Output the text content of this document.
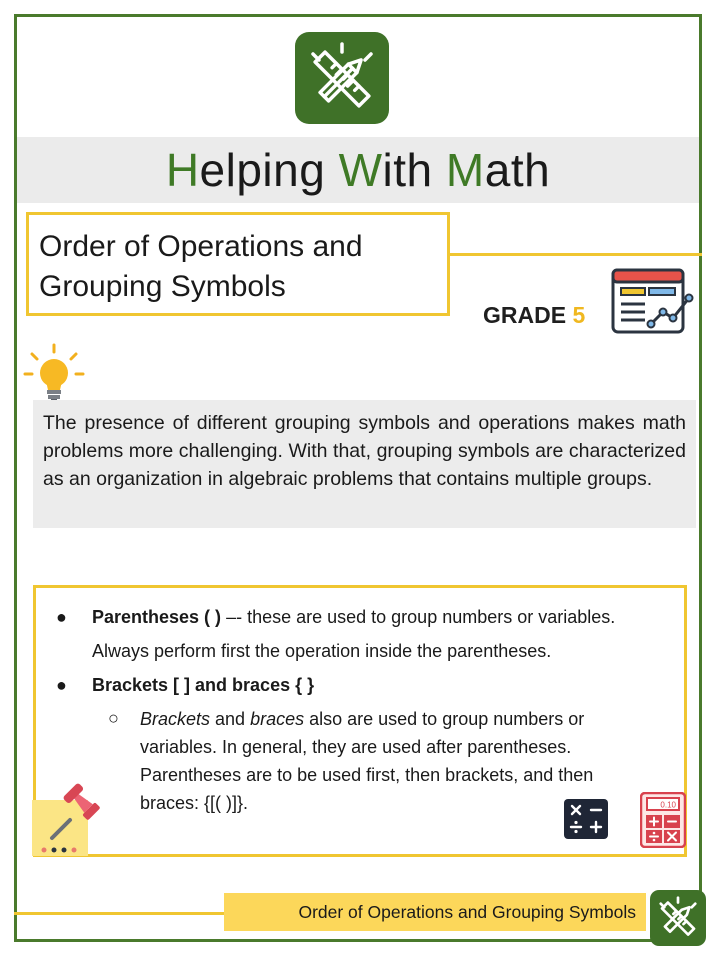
Helping With Math
Order of Operations and
Grouping Symbols
GRADE 5
The presence of different grouping symbols and operations makes math problems more challenging. With that, grouping symbols are characterized as an organization in algebraic problems that contains multiple groups.
● Parentheses ( ) –- these are used to group numbers or variables.
Always perform first the operation inside the parentheses.
● Brackets [ ] and braces { }
○ Brackets and braces also are used to group numbers or
variables. In general, they are used after parentheses.
Parentheses are to be used first, then brackets, and then
braces: {[( )]}.	0.10
Order of Operations and Grouping Symbols
